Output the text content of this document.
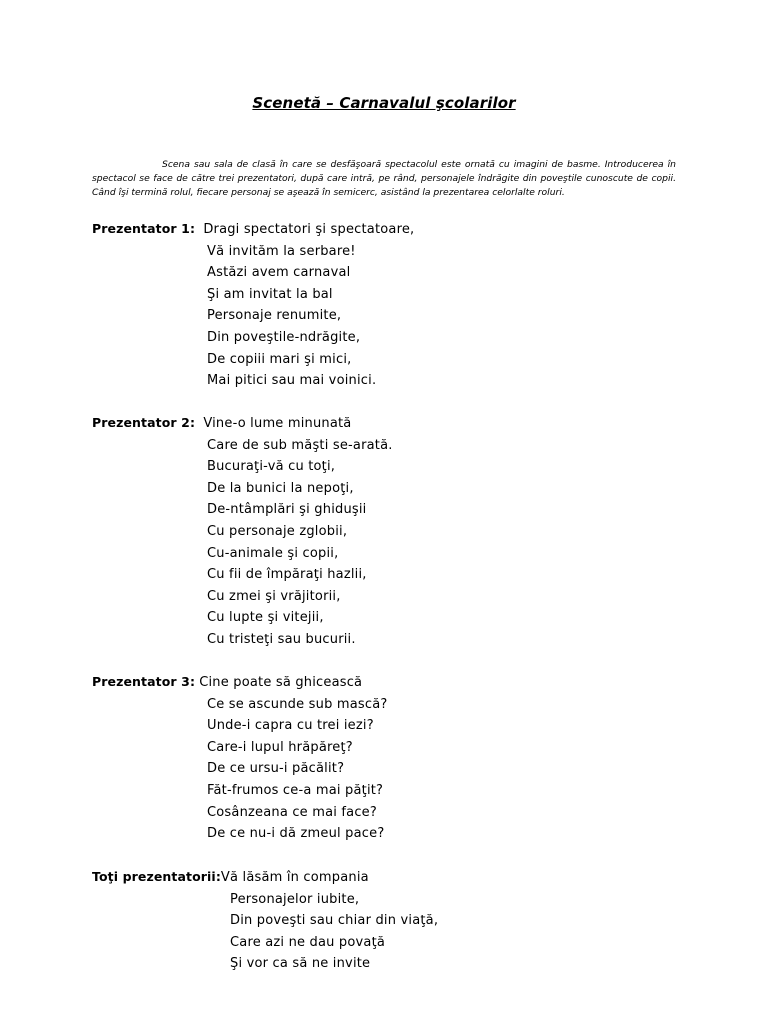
Scenetă – Carnavalul şcolarilor
Scena sau sala de clasă în care se desfăşoară spectacolul este ornată cu imagini de basme. Introducerea în spectacol se face de către trei prezentatori, după care intră, pe rând, personajele îndrăgite din poveştile cunoscute de copii. Când îşi termină rolul, fiecare personaj se aşează în semicerc, asistând la prezentarea celorlalte roluri.
Prezentator 1: Dragi spectatori şi spectatoare,
Vă invităm la serbare!
Astăzi avem carnaval
Şi am invitat la bal
Personaje renumite,
Din poveştile-ndrăgite,
De copiii mari şi mici,
Mai pitici sau mai voinici.
Prezentator 2: Vine-o lume minunată
Care de sub măşti se-arată.
Bucuraţi-vă cu toţi,
De la bunici la nepoţi,
De-ntâmplări şi ghiduşii
Cu personaje zglobii,
Cu-animale şi copii,
Cu fii de împăraţi hazlii,
Cu zmei şi vrăjitorii,
Cu lupte şi vitejii,
Cu tristeţi sau bucurii.
Prezentator 3: Cine poate să ghicească
Ce se ascunde sub mască?
Unde-i capra cu trei iezi?
Care-i lupul hrăpăreţ?
De ce ursu-i păcălit?
Făt-frumos ce-a mai păţit?
Cosânzeana ce mai face?
De ce nu-i dă zmeul pace?
Toţi prezentatorii:Vă lăsăm în compania
Personajelor iubite,
Din poveşti sau chiar din viaţă,
Care azi ne dau povaţă
Şi vor ca să ne invite
